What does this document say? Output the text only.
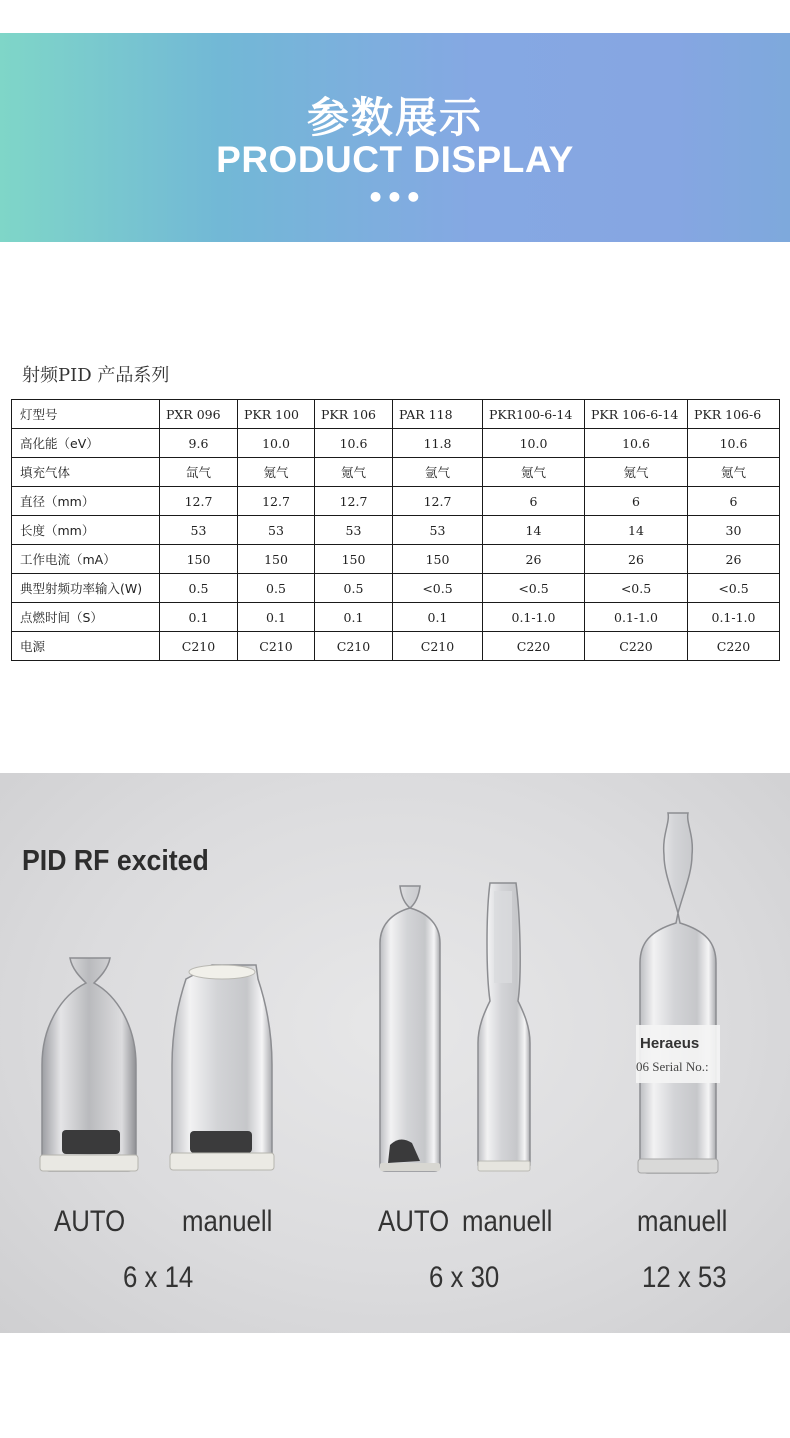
参数展示
PRODUCT DISPLAY
•••
射频PID 产品系列
灯型号	PXR 096	PKR 100	PKR 106	PAR 118	PKR100-6-14	PKR 106-6-14	PKR 106-6
高化能（eV）	9.6	10.0	10.6	11.8	10.0	10.6	10.6
填充气体	氙气	氪气	氪气	氩气	氪气	氪气	氪气
直径（mm）	12.7	12.7	12.7	12.7	6	6	6
长度（mm）	53	53	53	53	14	14	30
工作电流（mA）	150	150	150	150	26	26	26
典型射频功率输入(W)	0.5	0.5	0.5	<0.5	<0.5	<0.5	<0.5
点燃时间（S）	0.1	0.1	0.1	0.1	0.1-1.0	0.1-1.0	0.1-1.0
电源	C210	C210	C210	C210	C220	C220	C220
PID RF excited
Heraeus
06 Serial No.:
AUTO manuell	AUTO manuell	manuell
6 x 14	6 x 30	12 x 53
